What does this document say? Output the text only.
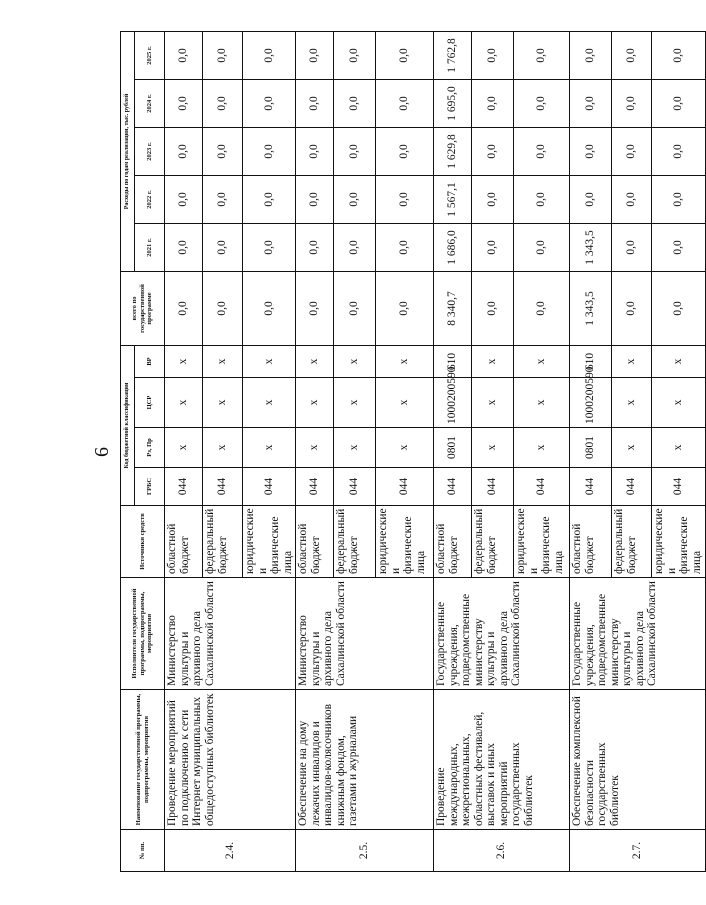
6
№ пп.	Наименование государственной программы, подпрограммы, мероприятия	Исполнители государственной программы, подпрограммы, мероприятия	Источники средств	Код бюджетной классификации				всего по государственной программе	Расходы по годам реализации, тыс. рублей				
				ГРБС	Рз, Пр	ЦСР	ВР		2021 г.	2022 г.	2023 г.	2024 г.	2025 г.
2.4.	Проведение мероприятий по подключению к сети Интернет муниципальных общедоступных библиотек	Министерство культуры и архивного дела Сахалинской области	областной бюджет	044	x	x	x	0,0	0,0	0,0	0,0	0,0	0,0
			федеральный бюджет	044	x	x	x	0,0	0,0	0,0	0,0	0,0	0,0
			юридические и физические лица	044	x	x	x	0,0	0,0	0,0	0,0	0,0	0,0
2.5.	Обеспечение на дому лежачих инвалидов и инвалидов-колясочников книжным фондом, газетами и журналами	Министерство культуры и архивного дела Сахалинской области	областной бюджет	044	x	x	x	0,0	0,0	0,0	0,0	0,0	0,0
			федеральный бюджет	044	x	x	x	0,0	0,0	0,0	0,0	0,0	0,0
			юридические и физические лица	044	x	x	x	0,0	0,0	0,0	0,0	0,0	0,0
2.6.	Проведение международных, межрегиональных, областных фестивалей, выставок и иных мероприятий государственных библиотек	Государственные учреждения, подведомственные министерству культуры и архивного дела Сахалинской области	областной бюджет	044	0801	1000200590	610	8 340,7	1 686,0	1 567,1	1 629,8	1 695,0	1 762,8
			федеральный бюджет	044	x	x	x	0,0	0,0	0,0	0,0	0,0	0,0
			юридические и физические лица	044	x	x	x	0,0	0,0	0,0	0,0	0,0	0,0
2.7.	Обеспечение комплексной безопасности государственных библиотек	Государственные учреждения, подведомственные министерству культуры и архивного дела Сахалинской области	областной бюджет	044	0801	1000200590	610	1 343,5	1 343,5	0,0	0,0	0,0	0,0
			федеральный бюджет	044	x	x	x	0,0	0,0	0,0	0,0	0,0	0,0
			юридические и физические лица	044	x	x	x	0,0	0,0	0,0	0,0	0,0	0,0
